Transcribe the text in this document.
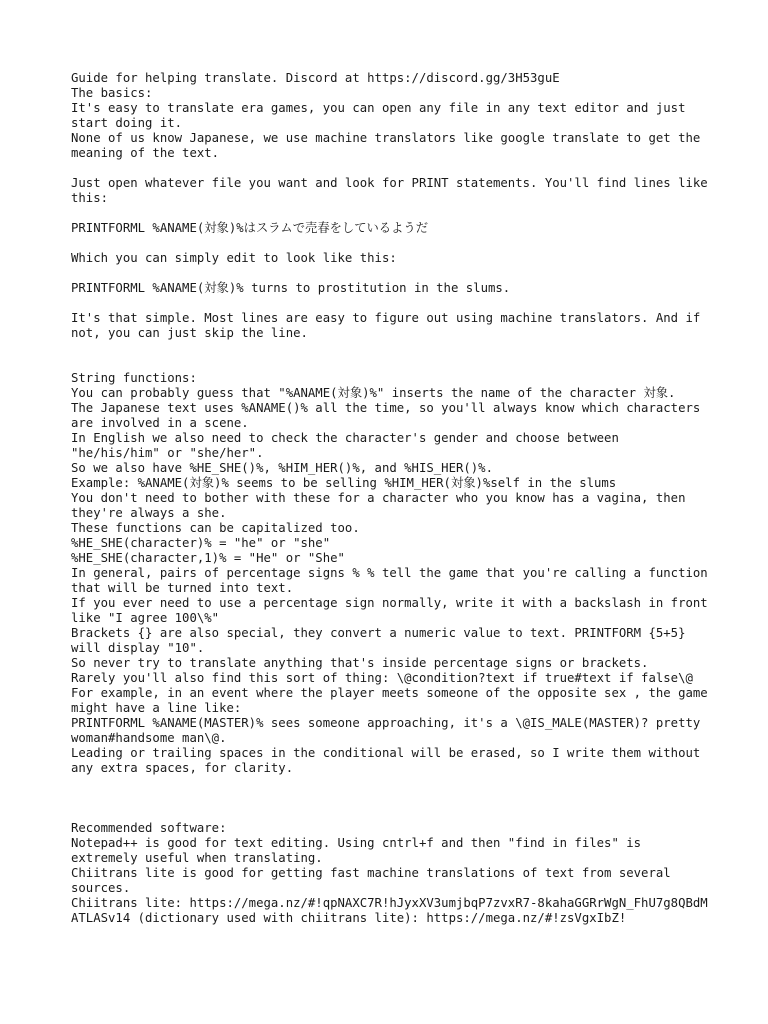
Guide for helping translate. Discord at https://discord.gg/3H53guE
The basics:
It's easy to translate era games, you can open any file in any text editor and just start doing it.
None of us know Japanese, we use machine translators like google translate to get the meaning of the text.
Just open whatever file you want and look for PRINT statements. You'll find lines like this:
PRINTFORML %ANAME(対象)%はスラムで売春をしているようだ
Which you can simply edit to look like this:
PRINTFORML %ANAME(対象)% turns to prostitution in the slums.
It's that simple. Most lines are easy to figure out using machine translators. And if not, you can just skip the line.
String functions:
You can probably guess that "%ANAME(対象)%" inserts the name of the character 対象.
The Japanese text uses %ANAME()% all the time, so you'll always know which characters are involved in a scene.
In English we also need to check the character's gender and choose between "he/his/him" or "she/her".
So we also have %HE_SHE()%, %HIM_HER()%, and %HIS_HER()%.
Example: %ANAME(対象)% seems to be selling %HIM_HER(対象)%self in the slums
You don't need to bother with these for a character who you know has a vagina, then they're always a she.
These functions can be capitalized too.
%HE_SHE(character)% = "he" or "she"
%HE_SHE(character,1)% = "He" or "She"
In general, pairs of percentage signs % % tell the game that you're calling a function that will be turned into text.
If you ever need to use a percentage sign normally, write it with a backslash in front like "I agree 100\%"
Brackets {} are also special, they convert a numeric value to text. PRINTFORM {5+5} will display "10".
So never try to translate anything that's inside percentage signs or brackets.
Rarely you'll also find this sort of thing: \@condition?text if true#text if false\@
For example, in an event where the player meets someone of the opposite sex , the game might have a line like:
PRINTFORML %ANAME(MASTER)% sees someone approaching, it's a \@IS_MALE(MASTER)? pretty woman#handsome man\@.
Leading or trailing spaces in the conditional will be erased, so I write them without any extra spaces, for clarity.
Recommended software:
Notepad++ is good for text editing. Using cntrl+f and then "find in files" is extremely useful when translating.
Chiitrans lite is good for getting fast machine translations of text from several sources.
Chiitrans lite: https://mega.nz/#!qpNAXC7R!hJyxXV3umjbqP7zvxR7-8kahaGGRrWgN_FhU7g8QBdM
ATLASv14 (dictionary used with chiitrans lite): https://mega.nz/#!zsVgxIbZ!
